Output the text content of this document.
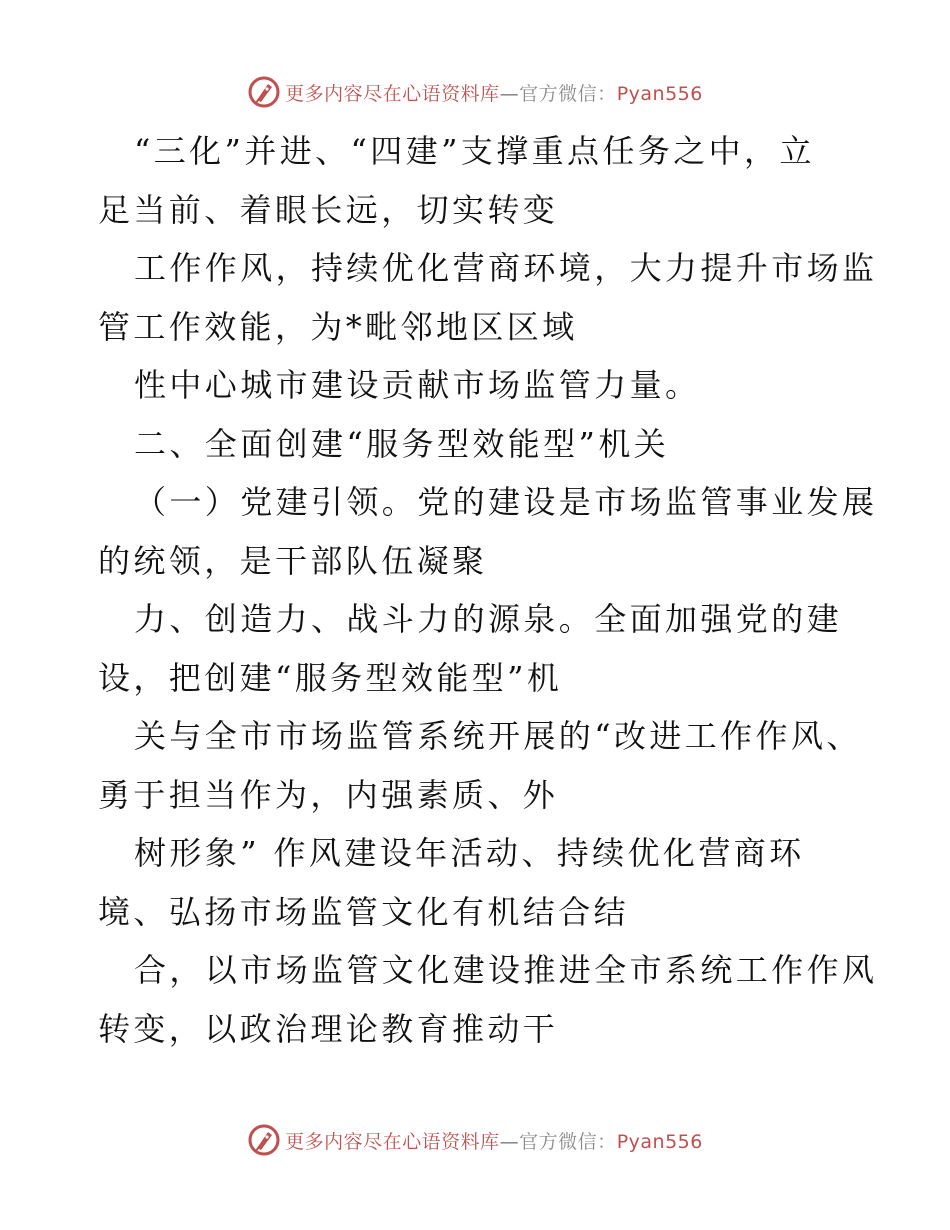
更多内容尽在心语资料库—官方微信：Pyan556
“三化”并进、“四建”支撑重点任务之中，立
足当前、着眼长远，切实转变
工作作风，持续优化营商环境，大力提升市场监
管工作效能，为*毗邻地区区域
性中心城市建设贡献市场监管力量。
二、全面创建“服务型效能型”机关
（一）党建引领。党的建设是市场监管事业发展
的统领，是干部队伍凝聚
力、创造力、战斗力的源泉。全面加强党的建
设，把创建“服务型效能型”机
关与全市市场监管系统开展的“改进工作作风、
勇于担当作为，内强素质、外
树形象” 作风建设年活动、持续优化营商环
境、弘扬市场监管文化有机结合结
合，以市场监管文化建设推进全市系统工作作风
转变，以政治理论教育推动干
更多内容尽在心语资料库—官方微信：Pyan556
